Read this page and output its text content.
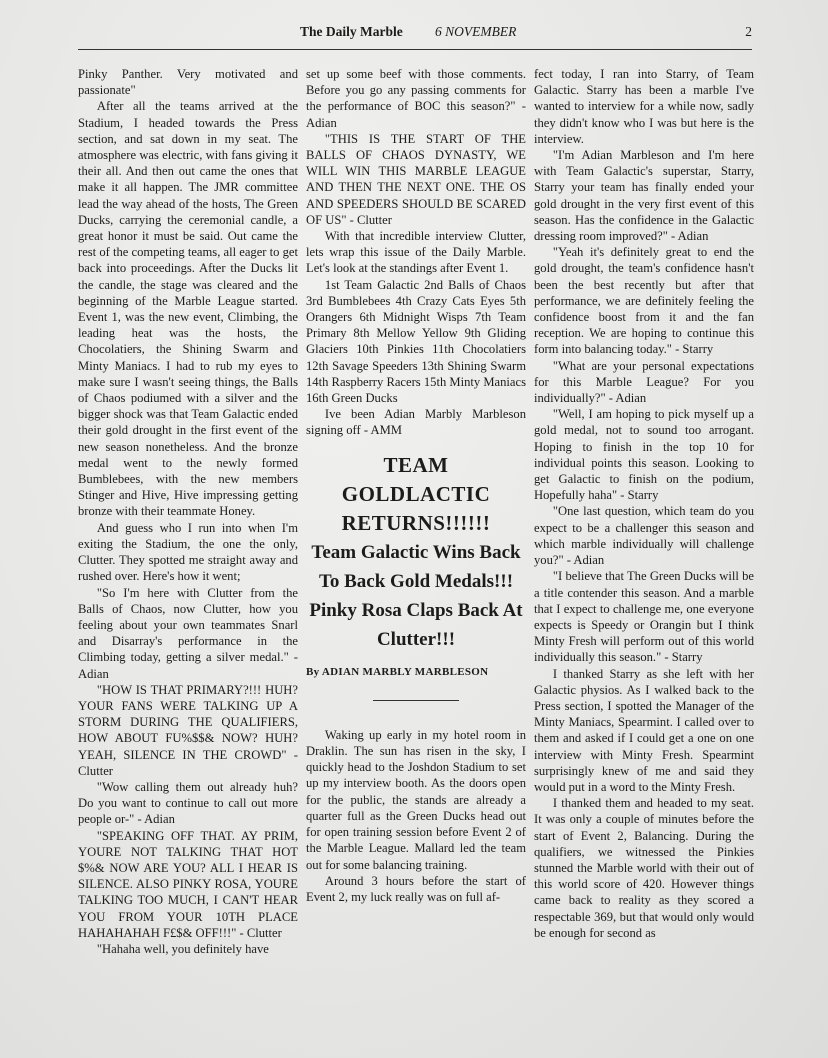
The Daily Marble 6 NOVEMBER	2

Pinky Panther. Very motivated and passionate"

After all the teams arrived at the Stadium, I headed towards the Press section, and sat down in my seat. The atmosphere was electric, with fans giving it their all. And then out came the ones that make it all happen. The JMR committee lead the way ahead of the hosts, The Green Ducks, carrying the ceremonial candle, a great honor it must be said. Out came the rest of the competing teams, all eager to get back into proceedings. After the Ducks lit the candle, the stage was cleared and the beginning of the Marble League started. Event 1, was the new event, Climbing, the leading heat was the hosts, the Chocolatiers, the Shining Swarm and Minty Maniacs. I had to rub my eyes to make sure I wasn't seeing things, the Balls of Chaos podiumed with a silver and the bigger shock was that Team Galactic ended their gold drought in the first event of the new season nonetheless. And the bronze medal went to the newly formed Bumblebees, with the new members Stinger and Hive, Hive impressing getting bronze with their teammate Honey.

And guess who I run into when I'm exiting the Stadium, the one the only, Clutter. They spotted me straight away and rushed over. Here's how it went;

"So I'm here with Clutter from the Balls of Chaos, now Clutter, how you feeling about your own teammates Snarl and Disarray's performance in the Climbing today, getting a silver medal." - Adian

"HOW IS THAT PRIMARY?!!! HUH? YOUR FANS WERE TALKING UP A STORM DURING THE QUALIFIERS, HOW ABOUT FU%$$& NOW? HUH? YEAH, SILENCE IN THE CROWD" - Clutter

"Wow calling them out already huh? Do you want to continue to call out more people or-" - Adian

"SPEAKING OFF THAT. AY PRIM, YOURE NOT TALKING THAT HOT $%& NOW ARE YOU? ALL I HEAR IS SILENCE. ALSO PINKY ROSA, YOURE TALKING TOO MUCH, I CAN'T HEAR YOU FROM YOUR 10TH PLACE HAHAHAHAH F£$& OFF!!!" - Clutter

"Hahaha well, you definitely have

set up some beef with those comments. Before you go any passing comments for the performance of BOC this season?" - Adian

"THIS IS THE START OF THE BALLS OF CHAOS DYNASTY, WE WILL WIN THIS MARBLE LEAGUE AND THEN THE NEXT ONE. THE OS AND SPEEDERS SHOULD BE SCARED OF US" - Clutter

With that incredible interview Clutter, lets wrap this issue of the Daily Marble. Let's look at the standings after Event 1.

1st Team Galactic 2nd Balls of Chaos 3rd Bumblebees 4th Crazy Cats Eyes 5th Orangers 6th Midnight Wisps 7th Team Primary 8th Mellow Yellow 9th Gliding Glaciers 10th Pinkies 11th Chocolatiers 12th Savage Speeders 13th Shining Swarm 14th Raspberry Racers 15th Minty Maniacs 16th Green Ducks

Ive been Adian Marbly Marbleson signing off - AMM

TEAM
GOLDLACTIC
RETURNS!!!!!!
Team Galactic Wins Back To Back Gold Medals!!! Pinky Rosa Claps Back At Clutter!!!

By ADIAN MARBLY MARBLESON

Waking up early in my hotel room in Draklin. The sun has risen in the sky, I quickly head to the Joshdon Stadium to set up my interview booth. As the doors open for the public, the stands are already a quarter full as the Green Ducks head out for open training session before Event 2 of the Marble League. Mallard led the team out for some balancing training.

Around 3 hours before the start of Event 2, my luck really was on full af-

fect today, I ran into Starry, of Team Galactic. Starry has been a marble I've wanted to interview for a while now, sadly they didn't know who I was but here is the interview.

"I'm Adian Marbleson and I'm here with Team Galactic's superstar, Starry, Starry your team has finally ended your gold drought in the very first event of this season. Has the confidence in the Galactic dressing room improved?" - Adian

"Yeah it's definitely great to end the gold drought, the team's confidence hasn't been the best recently but after that performance, we are definitely feeling the confidence boost from it and the fan reception. We are hoping to continue this form into balancing today." - Starry

"What are your personal expectations for this Marble League? For you individually?" - Adian

"Well, I am hoping to pick myself up a gold medal, not to sound too arrogant. Hoping to finish in the top 10 for individual points this season. Looking to get Galactic to finish on the podium, Hopefully haha" - Starry

"One last question, which team do you expect to be a challenger this season and which marble individually will challenge you?" - Adian

"I believe that The Green Ducks will be a title contender this season. And a marble that I expect to challenge me, one everyone expects is Speedy or Orangin but I think Minty Fresh will perform out of this world individually this season." - Starry

I thanked Starry as she left with her Galactic physios. As I walked back to the Press section, I spotted the Manager of the Minty Maniacs, Spearmint. I called over to them and asked if I could get a one on one interview with Minty Fresh. Spearmint surprisingly knew of me and said they would put in a word to the Minty Fresh.

I thanked them and headed to my seat. It was only a couple of minutes before the start of Event 2, Balancing. During the qualifiers, we witnessed the Pinkies stunned the Marble world with their out of this world score of 420. However things came back to reality as they scored a respectable 369, but that would only would be enough for second as
